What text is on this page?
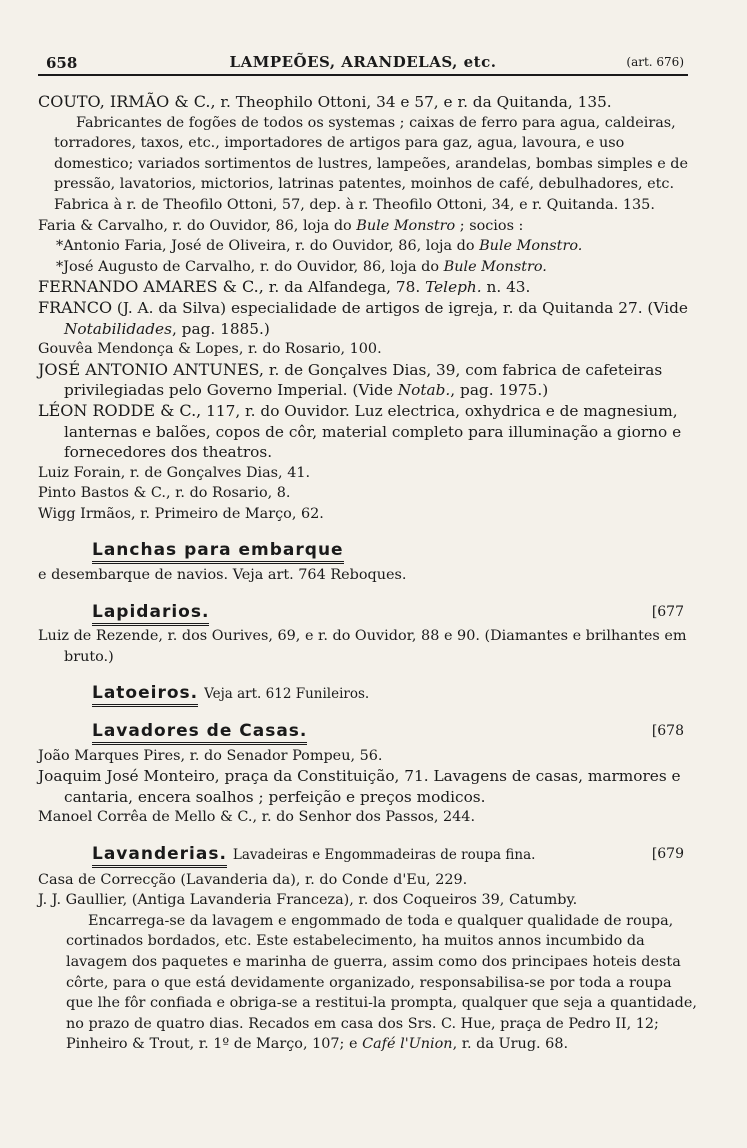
658	LAMPEÕES, ARANDELAS, etc.	(art. 676)

COUTO, IRMÃO & C., r. Theophilo Ottoni, 34 e 57, e r. da Quitanda, 135.

Fabricantes de fogões de todos os systemas ; caixas de ferro para agua, caldeiras, torradores, taxos, etc., importadores de artigos para gaz, agua, lavoura, e uso domestico; variados sortimentos de lustres, lampeões, arandelas, bombas simples e de pressão, lavatorios, mictorios, latrinas patentes, moinhos de café, debulhadores, etc. Fabrica à r. de Theofilo Ottoni, 57, dep. à r. Theofilo Ottoni, 34, e r. Quitanda. 135.

Faria & Carvalho, r. do Ouvidor, 86, loja do Bule Monstro ; socios :

*Antonio Faria, José de Oliveira, r. do Ouvidor, 86, loja do Bule Monstro.

*José Augusto de Carvalho, r. do Ouvidor, 86, loja do Bule Monstro.

FERNANDO AMARES & C., r. da Alfandega, 78. Teleph. n. 43.

FRANCO (J. A. da Silva) especialidade de artigos de igreja, r. da Quitanda 27. (Vide Notabilidades, pag. 1885.)

Gouvêa Mendonça & Lopes, r. do Rosario, 100.

JOSÉ ANTONIO ANTUNES, r. de Gonçalves Dias, 39, com fabrica de cafeteiras privilegiadas pelo Governo Imperial. (Vide Notab., pag. 1975.)

LÉON RODDE & C., 117, r. do Ouvidor. Luz electrica, oxhydrica e de magnesium, lanternas e balões, copos de côr, material completo para illuminação a giorno e fornecedores dos theatros.

Luiz Forain, r. de Gonçalves Dias, 41.

Pinto Bastos & C., r. do Rosario, 8.

Wigg Irmãos, r. Primeiro de Março, 62.

Lanchas para embarque

e desembarque de navios. Veja art. 764 Reboques.

Lapidarios.	[677

Luiz de Rezende, r. dos Ourives, 69, e r. do Ouvidor, 88 e 90. (Diamantes e brilhantes em bruto.)

Latoeiros. Veja art. 612 Funileiros.
Lavadores de Casas.	[678

João Marques Pires, r. do Senador Pompeu, 56.

Joaquim José Monteiro, praça da Constituição, 71. Lavagens de casas, marmores e cantaria, encera soalhos ; perfeição e preços modicos.

Manoel Corrêa de Mello & C., r. do Senhor dos Passos, 244.

Lavanderias. Lavadeiras e Engommadeiras de roupa fina.	[679

Casa de Correcção (Lavanderia da), r. do Conde d'Eu, 229.

J. J. Gaullier, (Antiga Lavanderia Franceza), r. dos Coqueiros 39, Catumby.

Encarrega-se da lavagem e engommado de toda e qualquer qualidade de roupa, cortinados bordados, etc. Este estabelecimento, ha muitos annos incumbido da lavagem dos paquetes e marinha de guerra, assim como dos principaes hoteis desta côrte, para o que está devidamente organizado, responsabilisa-se por toda a roupa que lhe fôr confiada e obriga-se a restitui-la prompta, qualquer que seja a quantidade, no prazo de quatro dias. Recados em casa dos Srs. C. Hue, praça de Pedro II, 12; Pinheiro & Trout, r. 1º de Março, 107; e Café l'Union, r. da Urug. 68.
